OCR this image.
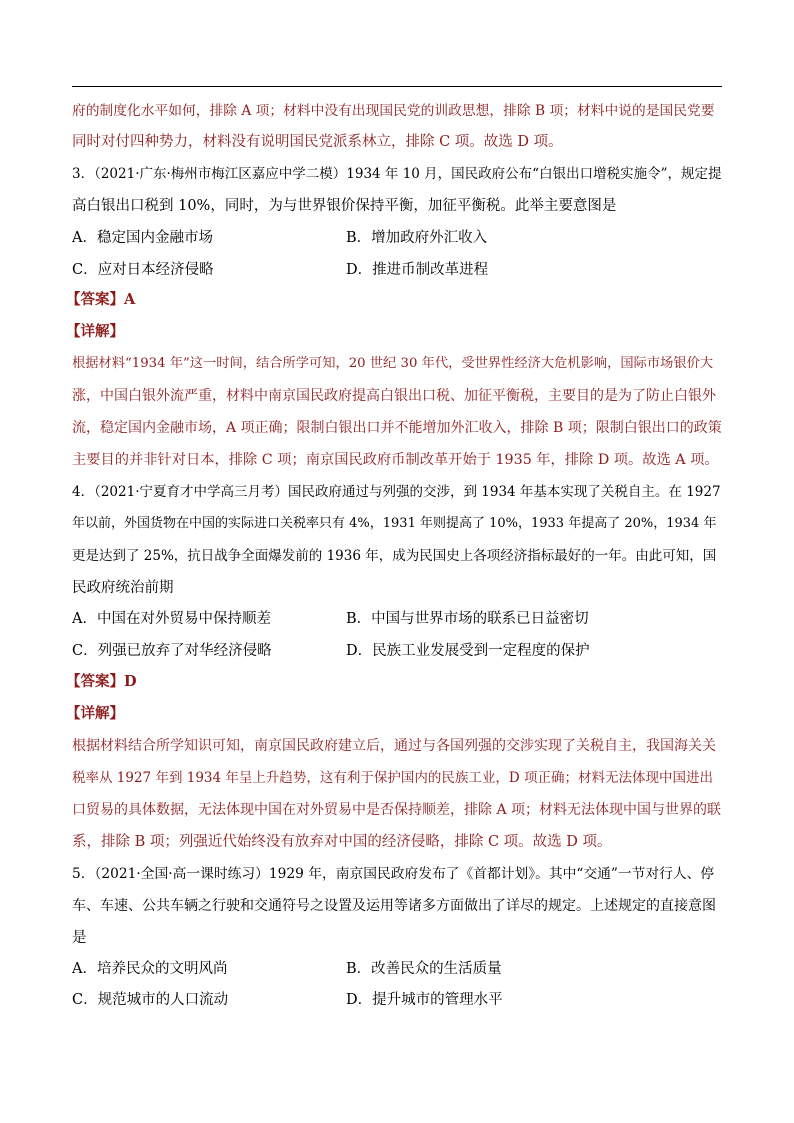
府的制度化水平如何，排除 A 项；材料中没有出现国民党的训政思想，排除 B 项；材料中说的是国民党要
同时对付四种势力，材料没有说明国民党派系林立，排除 C 项。故选 D 项。
3．（2021·广东·梅州市梅江区嘉应中学二模）1934 年 10 月，国民政府公布“白银出口增税实施令”，规定提
高白银出口税到 10%，同时，为与世界银价保持平衡，加征平衡税。此举主要意图是
A．稳定国内金融市场	B．增加政府外汇收入
C．应对日本经济侵略	D．推进币制改革进程
【答案】A
【详解】
根据材料“1934 年”这一时间，结合所学可知，20 世纪 30 年代，受世界性经济大危机影响，国际市场银价大
涨，中国白银外流严重，材料中南京国民政府提高白银出口税、加征平衡税，主要目的是为了防止白银外
流，稳定国内金融市场，A 项正确；限制白银出口并不能增加外汇收入，排除 B 项；限制白银出口的政策
主要目的并非针对日本，排除 C 项；南京国民政府币制改革开始于 1935 年，排除 D 项。故选 A 项。
4．（2021·宁夏育才中学高三月考）国民政府通过与列强的交涉，到 1934 年基本实现了关税自主。在 1927
年以前，外国货物在中国的实际进口关税率只有 4%，1931 年则提高了 10%，1933 年提高了 20%，1934 年
更是达到了 25%，抗日战争全面爆发前的 1936 年，成为民国史上各项经济指标最好的一年。由此可知，国
民政府统治前期
A．中国在对外贸易中保持顺差	B．中国与世界市场的联系已日益密切
C．列强已放弃了对华经济侵略	D．民族工业发展受到一定程度的保护
【答案】D
【详解】
根据材料结合所学知识可知，南京国民政府建立后，通过与各国列强的交涉实现了关税自主，我国海关关
税率从 1927 年到 1934 年呈上升趋势，这有利于保护国内的民族工业，D 项正确；材料无法体现中国进出
口贸易的具体数据，无法体现中国在对外贸易中是否保持顺差，排除 A 项；材料无法体现中国与世界的联
系，排除 B 项；列强近代始终没有放弃对中国的经济侵略，排除 C 项。故选 D 项。
5．（2021·全国·高一课时练习）1929 年，南京国民政府发布了《首都计划》。其中“交通”一节对行人、停
车、车速、公共车辆之行驶和交通符号之设置及运用等诸多方面做出了详尽的规定。上述规定的直接意图
是
A．培养民众的文明风尚	B．改善民众的生活质量
C．规范城市的人口流动	D．提升城市的管理水平
